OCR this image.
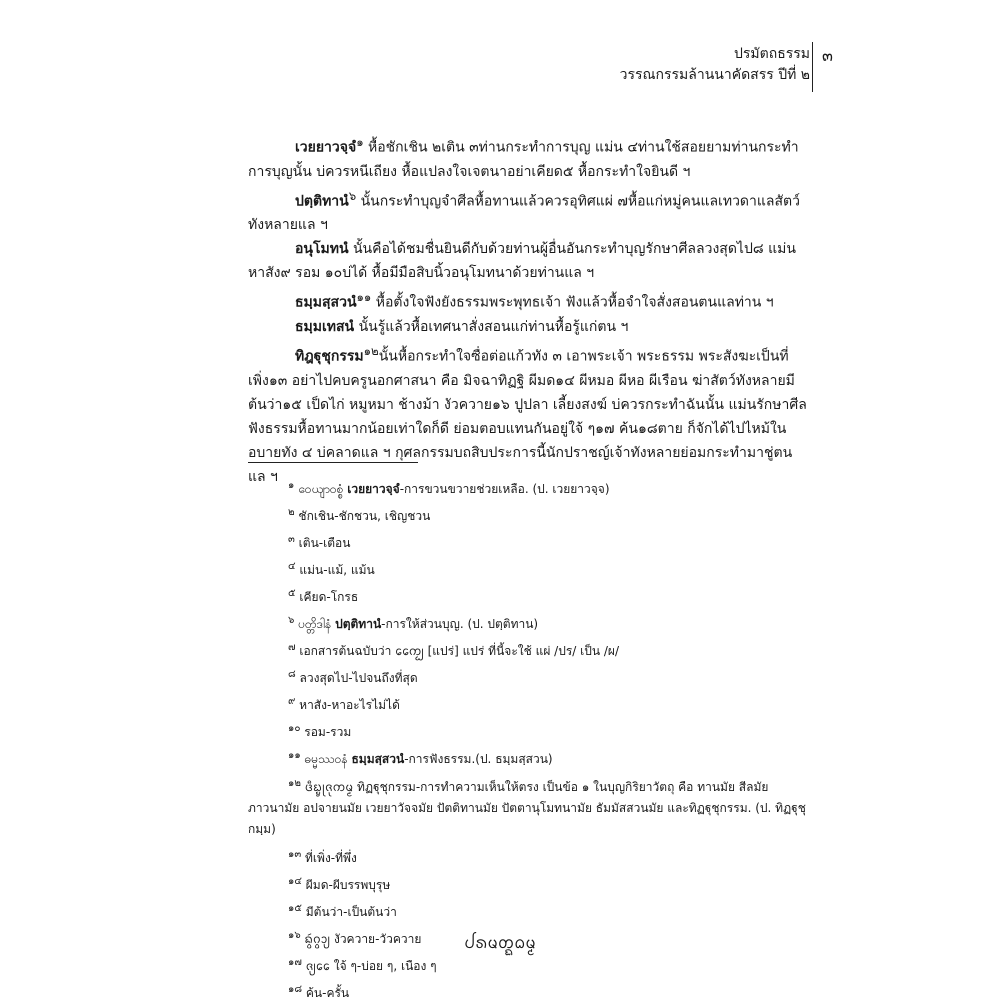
ปรมัตถธรรม
วรรณกรรมล้านนาคัดสรร ปีที่ ๒
๓

เวยยาวจฺจํ$^๑$ หื้อชักเชิน ๒เติน ๓ท่านกระทำการบุญ แม่น ๔ท่านใช้สอยยามท่านกระทำการบุญนั้น บ่ควรหนีเถียง หื้อแปลงใจเจตนาอย่าเคียด๕ หื้อกระทำใจยินดี ฯ

ปตฺติทานํ$^๖$ นั้นกระทำบุญจำศีลหื้อทานแล้วควรอุทิศแผ่ ๗หื้อแก่หมู่คนแลเทวดาแลสัตว์ทังหลายแล ฯ

อนุโมทนํ นั้นคือได้ชมชื่นยินดีกับด้วยท่านผู้อื่นอันกระทำบุญรักษาศีลลวงสุดไป๘ แม่นหาสัง๙ รอม ๑๐บ่ได้ หื้อมีมือสิบนิ้วอนุโมทนาด้วยท่านแล ฯ

ธมฺมสฺสวนํ$^{๑๑}$ หื้อตั้งใจฟังยังธรรมพระพุทธเจ้า ฟังแล้วหื้อจำใจสั่งสอนตนแลท่าน ฯ

ธมฺมเทสนํ นั้นรู้แล้วหื้อเทศนาสั่งสอนแก่ท่านหื้อรู้แก่ตน ฯ

ทิฎฐุชุกรรม$^{๑๒}$นั้นหื้อกระทำใจซื่อต่อแก้วทัง ๓ เอาพระเจ้า พระธรรม พระสังฆะเป็นที่เพิ่ง๑๓ อย่าไปคบครูนอกศาสนา คือ มิจฉาทิฏฐิ ผีมด๑๔ ผีหมอ ผีหอ ผีเรือน ฆ่าสัตว์ทังหลายมีต้นว่า๑๕ เป็ดไก่ หมูหมา ช้างม้า งัวควาย๑๖ ปูปลา เลี้ยงสงฆ์ บ่ควรกระทำฉันนั้น แม่นรักษาศีลฟังธรรมหื้อทานมากน้อยเท่าใดก็ดี ย่อมตอบแทนกันอยู่ใจ้ ๆ๑๗ ค้น๑๘ตาย ก็จักได้ไปไหม้ในอบายทัง ๔ บ่คลาดแล ฯ กุศลกรรมบถสิบประการนี้นักปราชญ์เจ้าทังหลายย่อมกระทำมาชู่ตนแล ฯ

$^๑$ ဝေယျာဝစ္စံ เวยยาวจฺจํ-การขวนขวายช่วยเหลือ. (ป. เวยยาวจฺจ)

$^๒$ ชักเชิน-ชักชวน, เชิญชวน

$^๓$ เติน-เตือน

$^๔$ แม่น-แม้, แม้น

$^๕$ เคียด-โกรธ

$^๖$ ပတ္တိဒါနံ ปตฺติทานํ-การให้ส่วนบุญ. (ป. ปตฺติทาน)

$^๗$ เอกสารต้นฉบับว่า ᨠᩯ᩠ᨷ [แปร่] แปร่ ที่นี้จะใช้ แผ่ /ปร/ เป็น /ผ/

$^๘$ ลวงสุดไป-ไปจนถึงที่สุด

$^๙$ หาสัง-หาอะไรไม่ได้

$^{๑๐}$ รอม-รวม

$^{๑๑}$ ဓမ္မဿဝနံ ธมฺมสฺสวนํ-การฟังธรรม.(ป. ธมฺมสฺสวน)

$^{๑๒}$ ᨴᩥᨭ᩠ᨮᩩᨩᩩᨠᨾ᩠ᨾ ทิฏฐุชุกรรม-การทำความเห็นให้ตรง เป็นข้อ ๑ ในบุญกิริยาวัตถุ คือ ทานมัย สีลมัย ภาวนามัย อปจายนมัย เวยยาวัจจมัย ปัตติทานมัย ปัตตานุโมทนามัย ธัมมัสสวนมัย และทิฏฐุชุกรรม. (ป. ทิฏฐุชุกมฺม)

$^{๑๓}$ ที่เพิ่ง-ที่พึ่ง

$^{๑๔}$ ผีมด-ผีบรรพบุรุษ

$^{๑๕}$ มีต้นว่า-เป็นต้นว่า

$^{๑๖}$ ᨦ᩠ᩅᩢᨣ᩠ᩅᩣ᩠ᨿ งัวควาย-วัวควาย

$^{๑๗}$ ᨩ᩠ᨿᩯ ใจ้ ๆ-บ่อย ๆ, เนือง ๆ

$^{๑๘}$ ค้น-ครั้น

ᨸᩁᨾᨲ᩠ᨳᨵᨾ᩠ᨾ
